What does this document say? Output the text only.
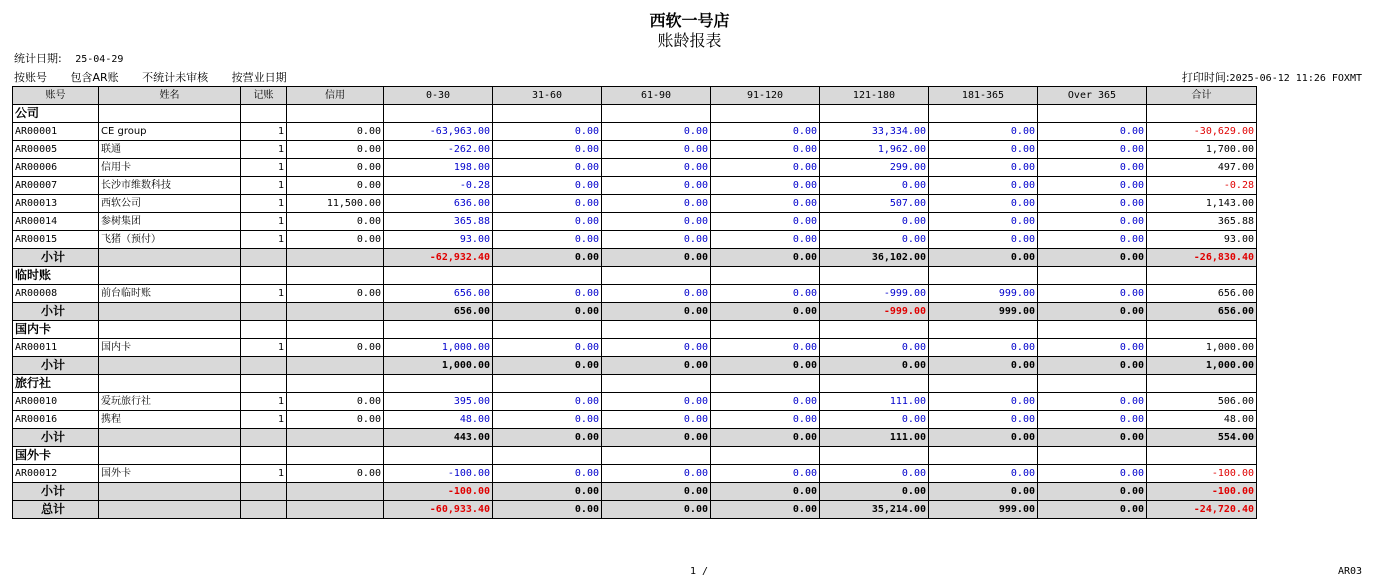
西软一号店
账龄报表
统计日期: 25-04-29
按账号 包含AR账 不统计未审核 按营业日期	打印时间:2025-06-12 11:26 FOXMT
账号	姓名	记账	信用	0-30	31-60	61-90	91-120	121-180	181-365	Over 365	合计
公司											
AR00001	CE group	1	0.00	-63,963.00	0.00	0.00	0.00	33,334.00	0.00	0.00	-30,629.00
AR00005	联通	1	0.00	-262.00	0.00	0.00	0.00	1,962.00	0.00	0.00	1,700.00
AR00006	信用卡	1	0.00	198.00	0.00	0.00	0.00	299.00	0.00	0.00	497.00
AR00007	长沙市维数科技	1	0.00	-0.28	0.00	0.00	0.00	0.00	0.00	0.00	-0.28
AR00013	西软公司	1	11,500.00	636.00	0.00	0.00	0.00	507.00	0.00	0.00	1,143.00
AR00014	参树集团	1	0.00	365.88	0.00	0.00	0.00	0.00	0.00	0.00	365.88
AR00015	飞猪（预付）	1	0.00	93.00	0.00	0.00	0.00	0.00	0.00	0.00	93.00
小计				-62,932.40	0.00	0.00	0.00	36,102.00	0.00	0.00	-26,830.40
临时账											
AR00008	前台临时账	1	0.00	656.00	0.00	0.00	0.00	-999.00	999.00	0.00	656.00
小计				656.00	0.00	0.00	0.00	-999.00	999.00	0.00	656.00
国内卡											
AR00011	国内卡	1	0.00	1,000.00	0.00	0.00	0.00	0.00	0.00	0.00	1,000.00
小计				1,000.00	0.00	0.00	0.00	0.00	0.00	0.00	1,000.00
旅行社											
AR00010	爱玩旅行社	1	0.00	395.00	0.00	0.00	0.00	111.00	0.00	0.00	506.00
AR00016	携程	1	0.00	48.00	0.00	0.00	0.00	0.00	0.00	0.00	48.00
小计				443.00	0.00	0.00	0.00	111.00	0.00	0.00	554.00
国外卡											
AR00012	国外卡	1	0.00	-100.00	0.00	0.00	0.00	0.00	0.00	0.00	-100.00
小计				-100.00	0.00	0.00	0.00	0.00	0.00	0.00	-100.00
总计				-60,933.40	0.00	0.00	0.00	35,214.00	999.00	0.00	-24,720.40
1 /	AR03
